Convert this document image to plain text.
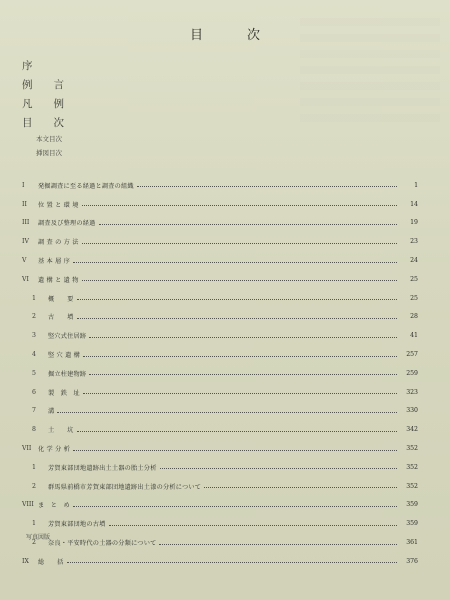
目	次
序
例　　言
凡　　例
目　　次
本文目次
挿図目次
I	発掘調査に至る経過と調査の組織	1
II	位 置 と 環 境	14
III	調査及び整理の経過	19
IV	調 査 の 方 法	23
V	基 本 層 序	24
VI	遺 構 と 遺 物	25
1	概　　要	25
2	古　　墳	28
3	竪穴式住居跡	41
4	竪 穴 遺 構	257
5	掘立柱建物跡	259
6	製　鉄　址	323
7	溝	330
8	土　　坑	342
VII	化 学 分 析	352
1	芳賀東部団地遺跡出土土器の胎土分析	352
2	群馬県前橋市芳賀東部団地遺跡出土漆の分析について	352
VIII ま　と　め	359
1	芳賀東部団地の古墳	359
2	奈良・平安時代の土器の分類について	361
IX	総　　括	376
写真図版
